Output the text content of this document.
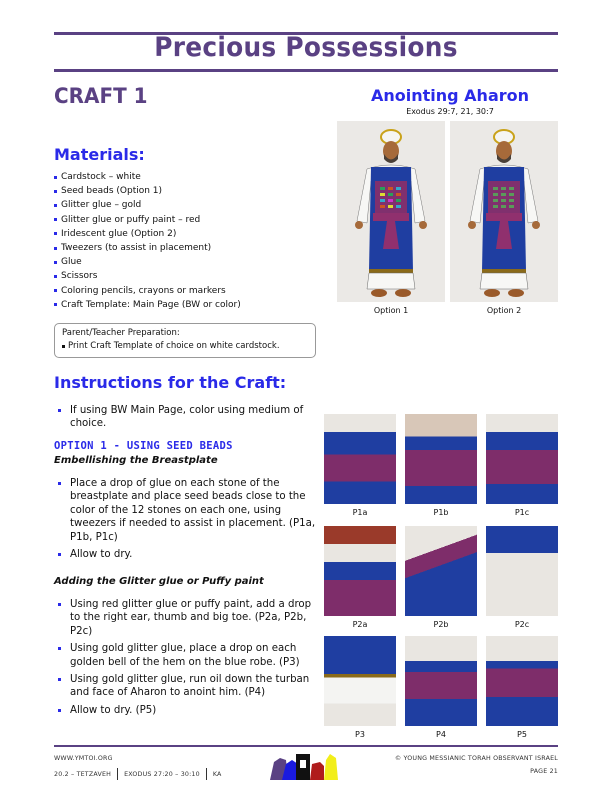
Precious Possessions
CRAFT 1	Anointing Aharon
Exodus 29:7, 21, 30:7
Option 1	Option 2
Materials:
Cardstock – white
Seed beads (Option 1)
Glitter glue – gold
Glitter glue or puffy paint – red
Iridescent glue (Option 2)
Tweezers (to assist in placement)
Glue
Scissors
Coloring pencils, crayons or markers
Craft Template: Main Page (BW or color)
Parent/Teacher Preparation:
Print Craft Template of choice on white cardstock.
Instructions for the Craft:
If using BW Main Page, color using medium of choice.
OPTION 1 - USING SEED BEADS
Embellishing the Breastplate
Place a drop of glue on each stone of the breastplate and place seed beads close to the color of the 12 stones on each one, using tweezers if needed to assist in placement. (P1a, P1b, P1c)
Allow to dry.
Adding the Glitter glue or Puffy paint
Using red glitter glue or puffy paint, add a drop to the right ear, thumb and big toe. (P2a, P2b, P2c)
Using gold glitter glue, place a drop on each golden bell of the hem on the blue robe. (P3)
Using gold glitter glue, run oil down the turban and face of Aharon to anoint him. (P4)
Allow to dry. (P5)
P1a	P1b	P1c
P2a	P2b	P2c
P3	P4	P5
WWW.YMTOI.ORG
20.2 – TETZAVEH EXODUS 27:20 – 30:10 KA
© YOUNG MESSIANIC TORAH OBSERVANT ISRAEL
PAGE 21
